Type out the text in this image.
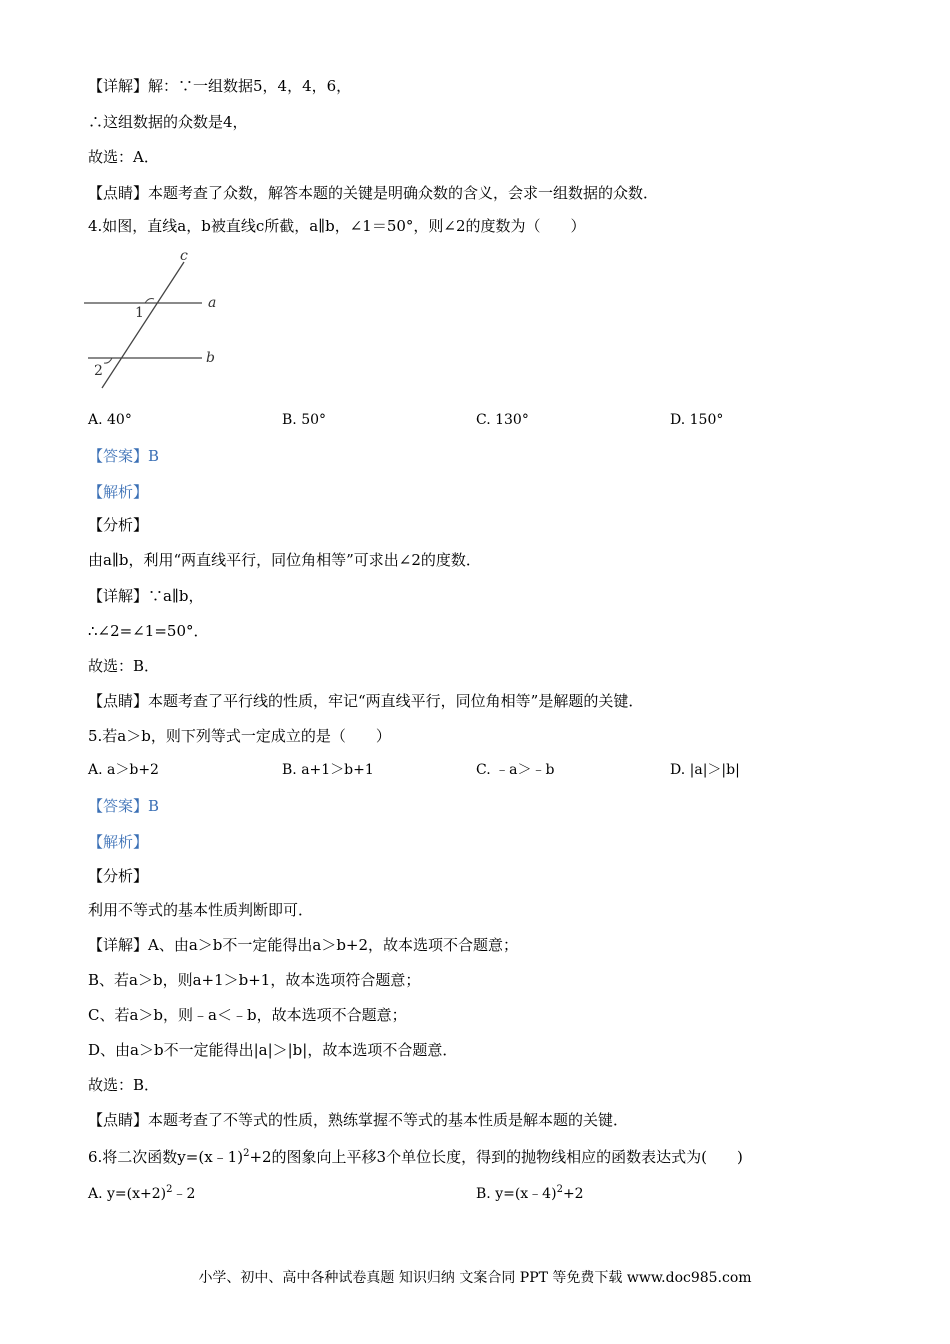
【详解】解：∵一组数据5，4，4，6，
∴这组数据的众数是4，
故选：A．
【点睛】本题考查了众数，解答本题的关键是明确众数的含义，会求一组数据的众数．
4.如图，直线a，b被直线c所截，a∥b，∠1＝50°，则∠2的度数为（　　）
c
a
b
1
2
A. 40°	B. 50°	C. 130°	D. 150°
【答案】B
【解析】
【分析】
由a∥b，利用“两直线平行，同位角相等”可求出∠2的度数．
【详解】∵a∥b，
∴∠2=∠1=50°．
故选：B．
【点睛】本题考查了平行线的性质，牢记“两直线平行，同位角相等”是解题的关键．
5.若a＞b，则下列等式一定成立的是（　　）
A. a＞b+2	B. a+1＞b+1	C. ﹣a＞﹣b	D. |a|＞|b|
【答案】B
【解析】
【分析】
利用不等式的基本性质判断即可．
【详解】A、由a＞b不一定能得出a＞b+2，故本选项不合题意；
B、若a＞b，则a+1＞b+1，故本选项符合题意；
C、若a＞b，则﹣a＜﹣b，故本选项不合题意；
D、由a＞b不一定能得出|a|＞|b|，故本选项不合题意．
故选：B．
【点睛】本题考查了不等式的性质，熟练掌握不等式的基本性质是解本题的关键．
6.将二次函数y=(x﹣1)$^2$+2的图象向上平移3个单位长度，得到的抛物线相应的函数表达式为(　　)
A. $y=(x+2)^2﹣2$	B. y=(x﹣4)$^2$+2
小学、初中、高中各种试卷真题 知识归纳 文案合同 PPT 等免费下载 www.doc985.com
